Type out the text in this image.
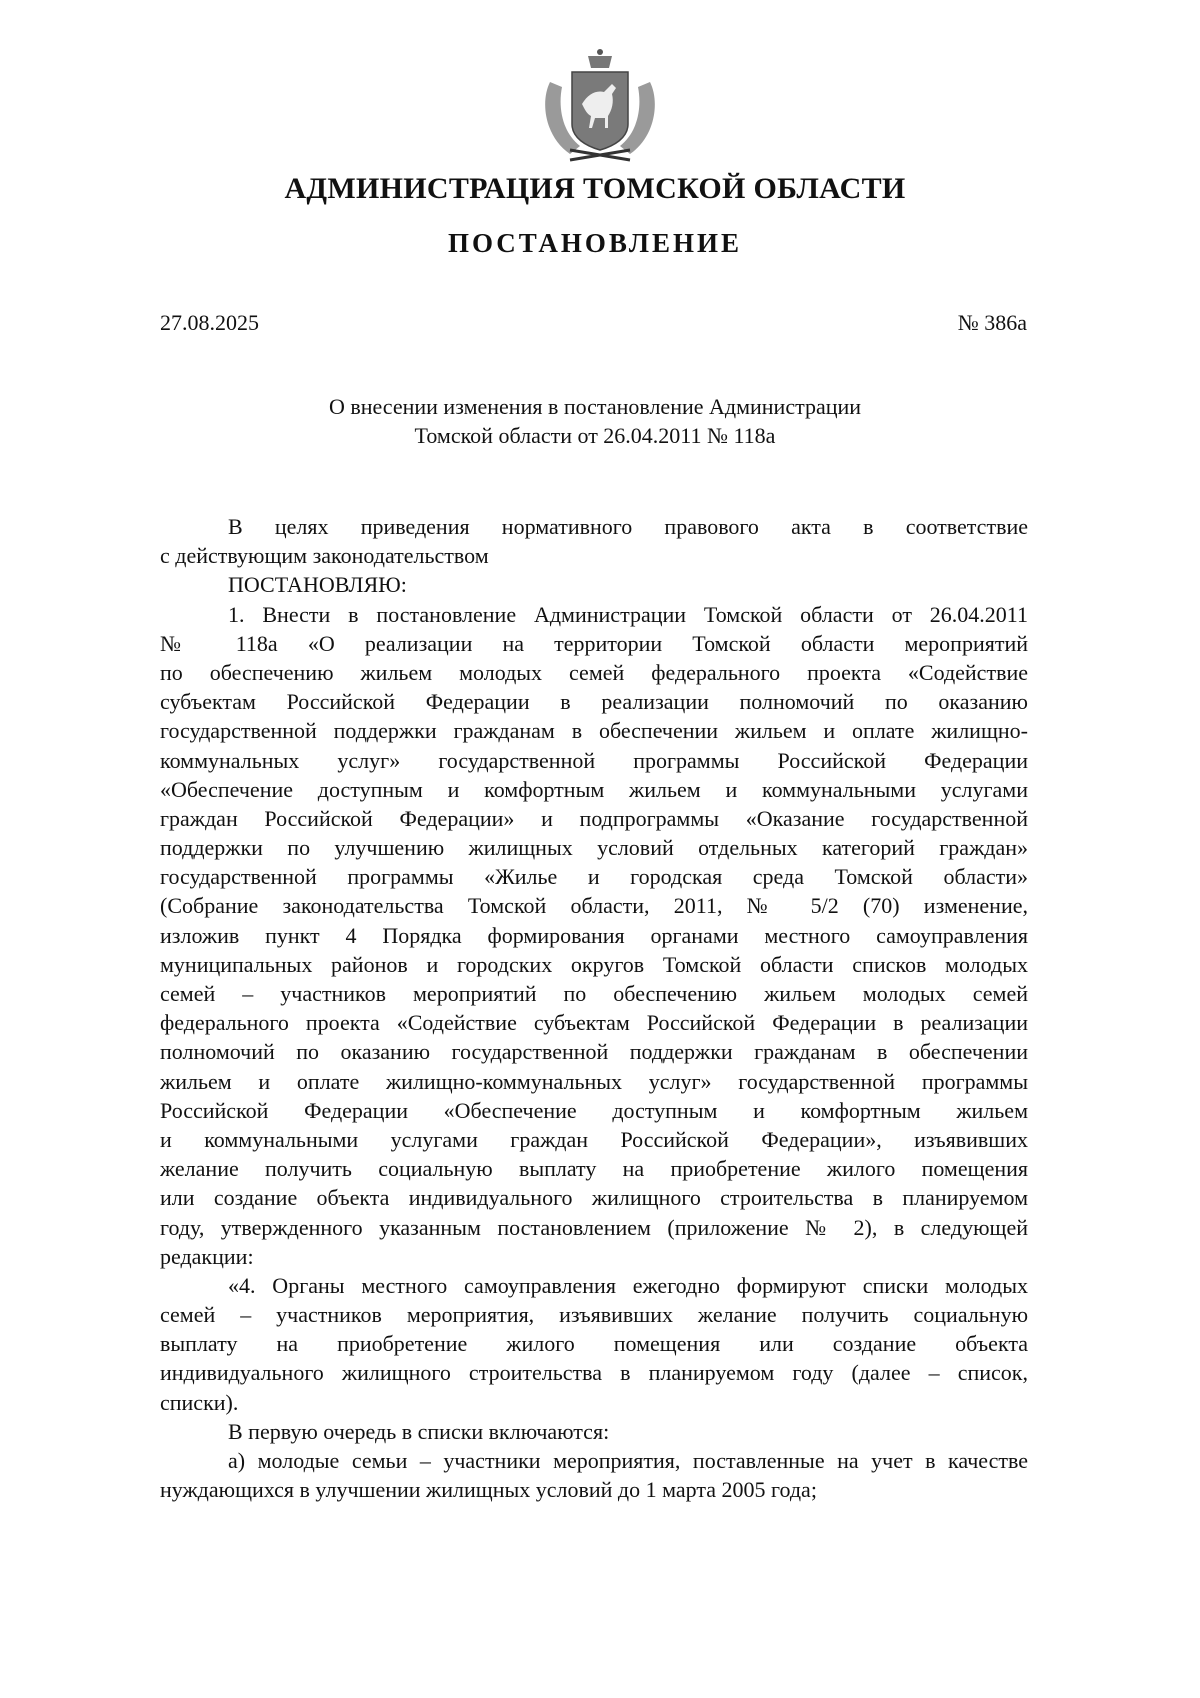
АДМИНИСТРАЦИЯ ТОМСКОЙ ОБЛАСТИ
ПОСТАНОВЛЕНИЕ
27.08.2025	№ 386а
О внесении изменения в постановление Администрации
Томской области от 26.04.2011 № 118а
В целях приведения нормативного правового акта в соответствие
с действующим законодательством
ПОСТАНОВЛЯЮ:
1. Внести в постановление Администрации Томской области от 26.04.2011
№ 118а «О реализации на территории Томской области мероприятий
по обеспечению жильем молодых семей федерального проекта «Содействие
субъектам Российской Федерации в реализации полномочий по оказанию
государственной поддержки гражданам в обеспечении жильем и оплате жилищно-
коммунальных услуг» государственной программы Российской Федерации
«Обеспечение доступным и комфортным жильем и коммунальными услугами
граждан Российской Федерации» и подпрограммы «Оказание государственной
поддержки по улучшению жилищных условий отдельных категорий граждан»
государственной программы «Жилье и городская среда Томской области»
(Собрание законодательства Томской области, 2011, № 5/2 (70) изменение,
изложив пункт 4 Порядка формирования органами местного самоуправления
муниципальных районов и городских округов Томской области списков молодых
семей – участников мероприятий по обеспечению жильем молодых семей
федерального проекта «Содействие субъектам Российской Федерации в реализации
полномочий по оказанию государственной поддержки гражданам в обеспечении
жильем и оплате жилищно-коммунальных услуг» государственной программы
Российской Федерации «Обеспечение доступным и комфортным жильем
и коммунальными услугами граждан Российской Федерации», изъявивших
желание получить социальную выплату на приобретение жилого помещения
или создание объекта индивидуального жилищного строительства в планируемом
году, утвержденного указанным постановлением (приложение № 2), в следующей
редакции:
«4. Органы местного самоуправления ежегодно формируют списки молодых
семей – участников мероприятия, изъявивших желание получить социальную
выплату на приобретение жилого помещения или создание объекта
индивидуального жилищного строительства в планируемом году (далее – список,
списки).
В первую очередь в списки включаются:
а) молодые семьи – участники мероприятия, поставленные на учет в качестве
нуждающихся в улучшении жилищных условий до 1 марта 2005 года;
